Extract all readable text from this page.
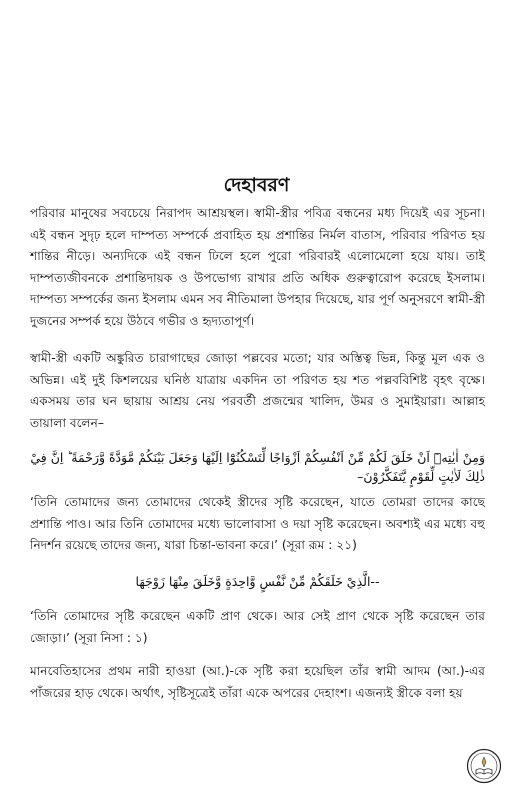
দেহাবরণ

পরিবার মানুষের সবচেয়ে নিরাপদ আশ্রয়স্থল। স্বামী-স্ত্রীর পবিত্র বন্ধনের মধ্য দিয়েই এর সূচনা। এই বন্ধন সুদৃঢ় হলে দাম্পত্য সম্পর্কে প্রবাহিত হয় প্রশান্তির নির্মল বাতাস, পরিবার পরিণত হয় শান্তির নীড়ে। অন্যদিকে এই বন্ধন ঢিলে হলে পুরো পরিবারই এলোমেলো হয়ে যায়। তাই দাম্পত্যজীবনকে প্রশান্তিদায়ক ও উপভোগ্য রাখার প্রতি অধিক গুরুত্বারোপ করেছে ইসলাম। দাম্পত্য সম্পর্কের জন্য ইসলাম এমন সব নীতিমালা উপহার দিয়েছে, যার পূর্ণ অনুসরণে স্বামী-স্ত্রী দুজনের সম্পর্ক হয়ে উঠবে গভীর ও হৃদ্যতাপূর্ণ।

স্বামী-স্ত্রী একটি অঙ্কুরিত চারাগাছের জোড়া পল্লবের মতো; যার অস্তিত্ব ভিন্ন, কিন্তু মূল এক ও অভিন্ন। এই দুই কিশলয়ের ঘনিষ্ঠ যাত্রায় একদিন তা পরিণত হয় শত পল্লববিশিষ্ট বৃহৎ বৃক্ষে। একসময় তার ঘন ছায়ায় আশ্রয় নেয় পরবর্তী প্রজন্মের খালিদ, উমর ও সুমাইয়ারা। আল্লাহ তায়ালা বলেন–

وَمِنْ اٰيٰتِهٖٓ اَنْ خَلَقَ لَكُمْ مِّنْ اَنْفُسِكُمْ اَزْوَاجًا لِّتَسْكُنُوْٓا اِلَيْهَا وَجَعَلَ بَيْنَكُمْ مَّوَدَّةً وَّرَحْمَةً ؕ اِنَّ فِيْ ذٰلِكَ لَاٰيٰتٍ لِّقَوْمٍ يَّتَفَكَّرُوْنَ–

‘তিনি তোমাদের জন্য তোমাদের থেকেই স্ত্রীদের সৃষ্টি করেছেন, যাতে তোমরা তাদের কাছে প্রশান্তি পাও। আর তিনি তোমাদের মধ্যে ভালোবাসা ও দয়া সৃষ্টি করেছেন। অবশ্যই এর মধ্যে বহু নিদর্শন রয়েছে তাদের জন্য, যারা চিন্তা-ভাবনা করে।’ (সূরা রূম : ২১)

--الَّذِيْ خَلَقَكُمْ مِّنْ نَّفْسٍ وَّاحِدَةٍ وَّخَلَقَ مِنْهَا زَوْجَهَا

‘তিনি তোমাদের সৃষ্টি করেছেন একটি প্রাণ থেকে। আর সেই প্রাণ থেকে সৃষ্টি করেছেন তার জোড়া।’ (সূরা নিসা : ১)

মানবেতিহাসের প্রথম নারী হাওয়া (আ.)-কে সৃষ্টি করা হয়েছিল তাঁর স্বামী আদম (আ.)-এর পাঁজরের হাড় থেকে। অর্থাৎ, সৃষ্টিসূত্রেই তাঁরা একে অপরের দেহাংশ। এজন্যই স্ত্রীকে বলা হয়
